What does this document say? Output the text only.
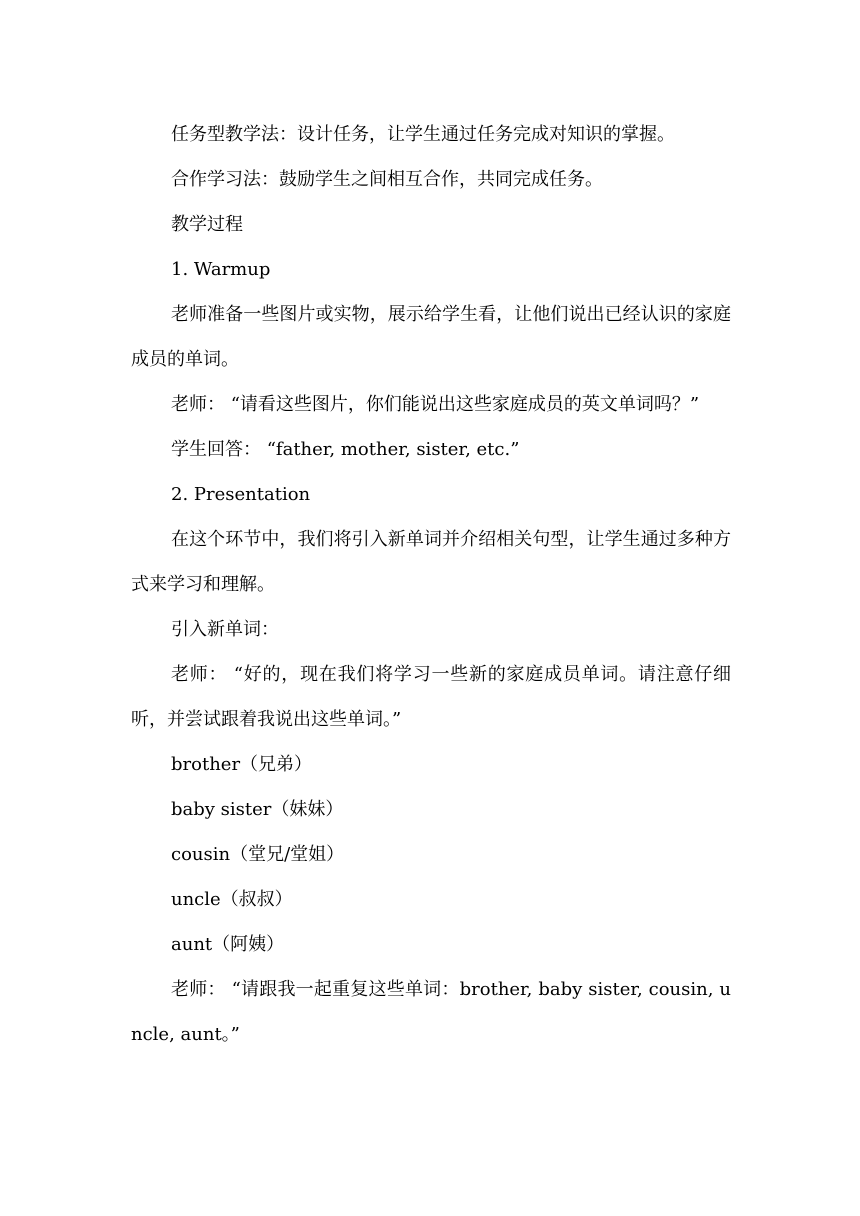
任务型教学法：设计任务，让学生通过任务完成对知识的掌握。

合作学习法：鼓励学生之间相互合作，共同完成任务。

教学过程

1. Warmup

老师准备一些图片或实物，展示给学生看，让他们说出已经认识的家庭成员的单词。

老师： “请看这些图片，你们能说出这些家庭成员的英文单词吗？”

学生回答： “father, mother, sister, etc.”

2. Presentation

在这个环节中，我们将引入新单词并介绍相关句型，让学生通过多种方式来学习和理解。

引入新单词：

老师： “好的，现在我们将学习一些新的家庭成员单词。请注意仔细听，并尝试跟着我说出这些单词。”

brother（兄弟）

baby sister（妹妹）

cousin（堂兄/堂姐）

uncle（叔叔）

aunt（阿姨）

老师： “请跟我一起重复这些单词：brother, baby sister, cousin, uncle, aunt。”
